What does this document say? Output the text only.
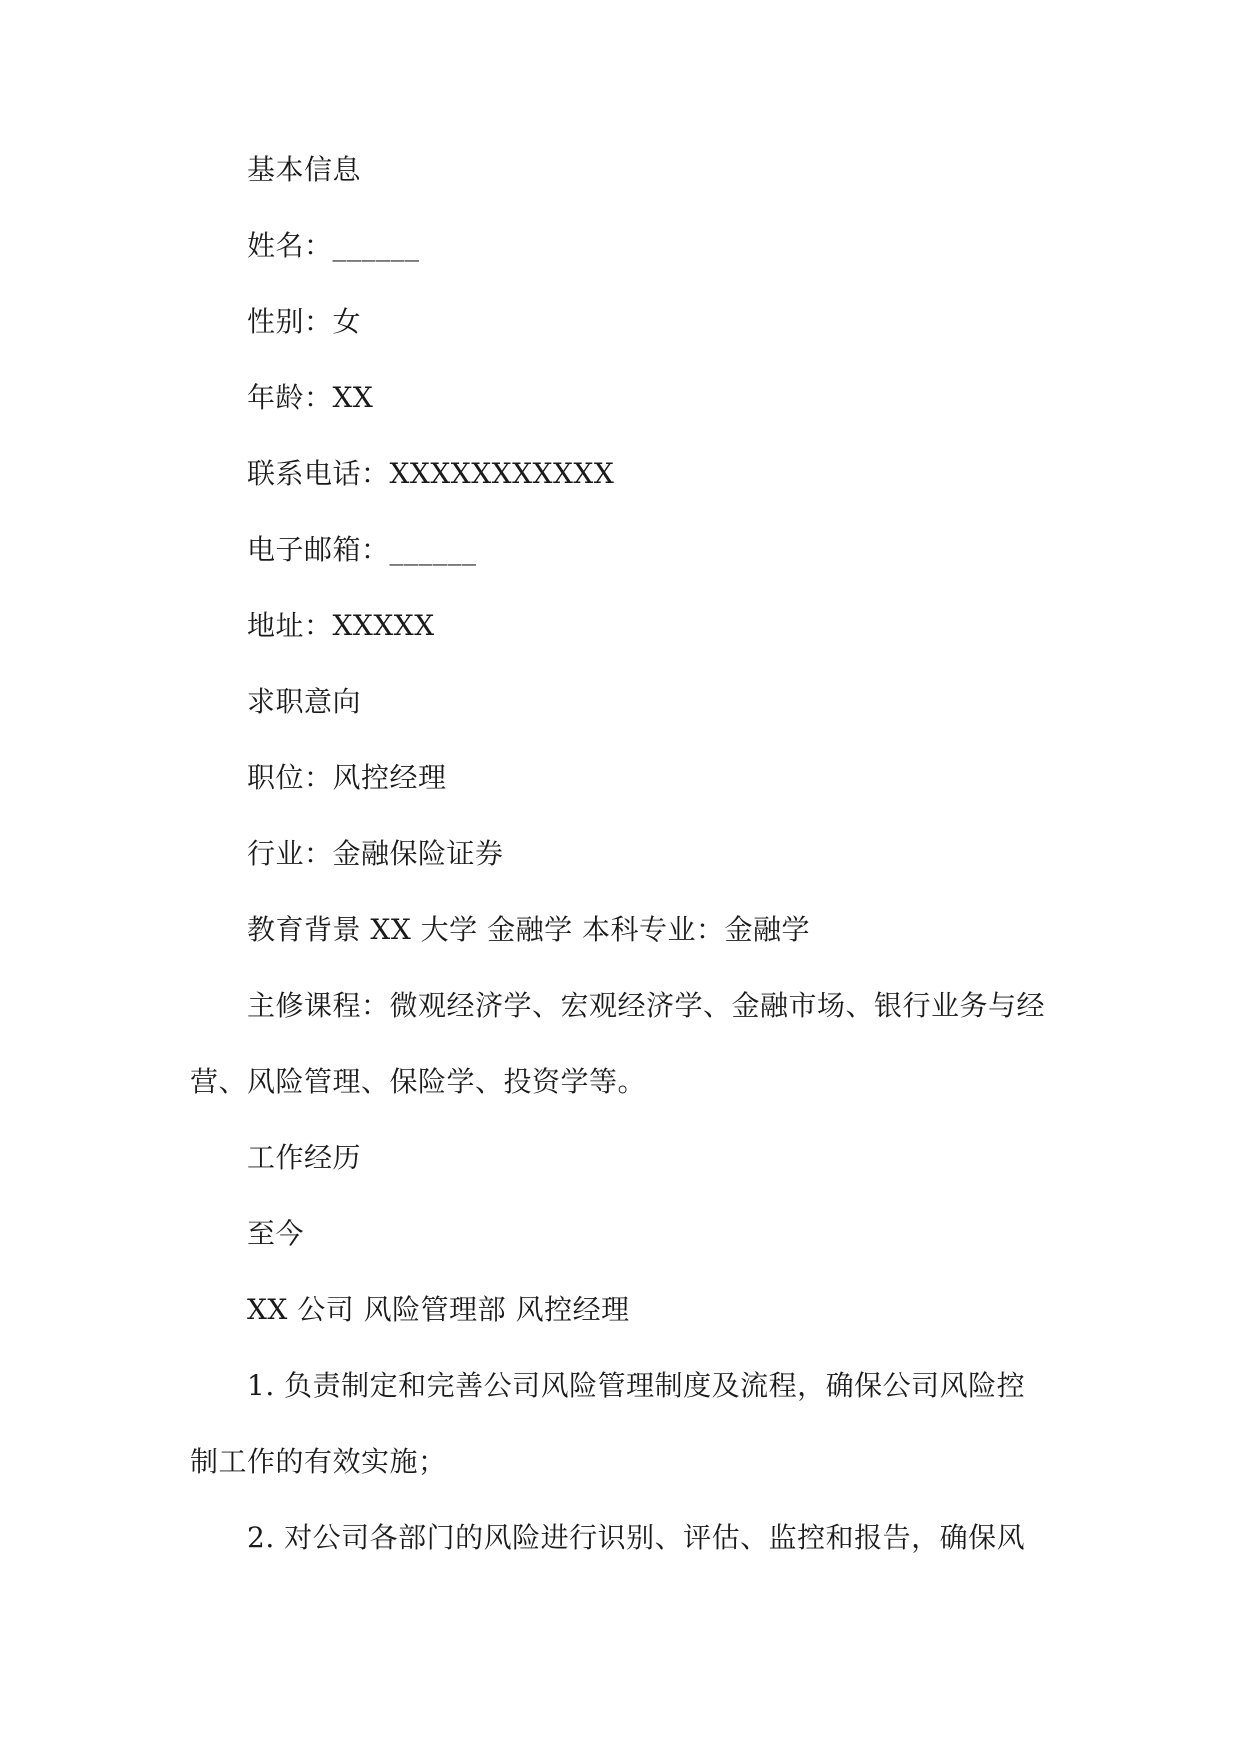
基本信息
姓名：______
性别：女
年龄：XX
联系电话：XXXXXXXXXXX
电子邮箱：______
地址：XXXXX
求职意向
职位：风控经理
行业：金融保险证券
教育背景 XX 大学 金融学 本科专业：金融学
主修课程：微观经济学、宏观经济学、金融市场、银行业务与经
营、风险管理、保险学、投资学等。
工作经历
至今
XX 公司 风险管理部 风控经理
1. 负责制定和完善公司风险管理制度及流程，确保公司风险控
制工作的有效实施；
2. 对公司各部门的风险进行识别、评估、监控和报告，确保风
